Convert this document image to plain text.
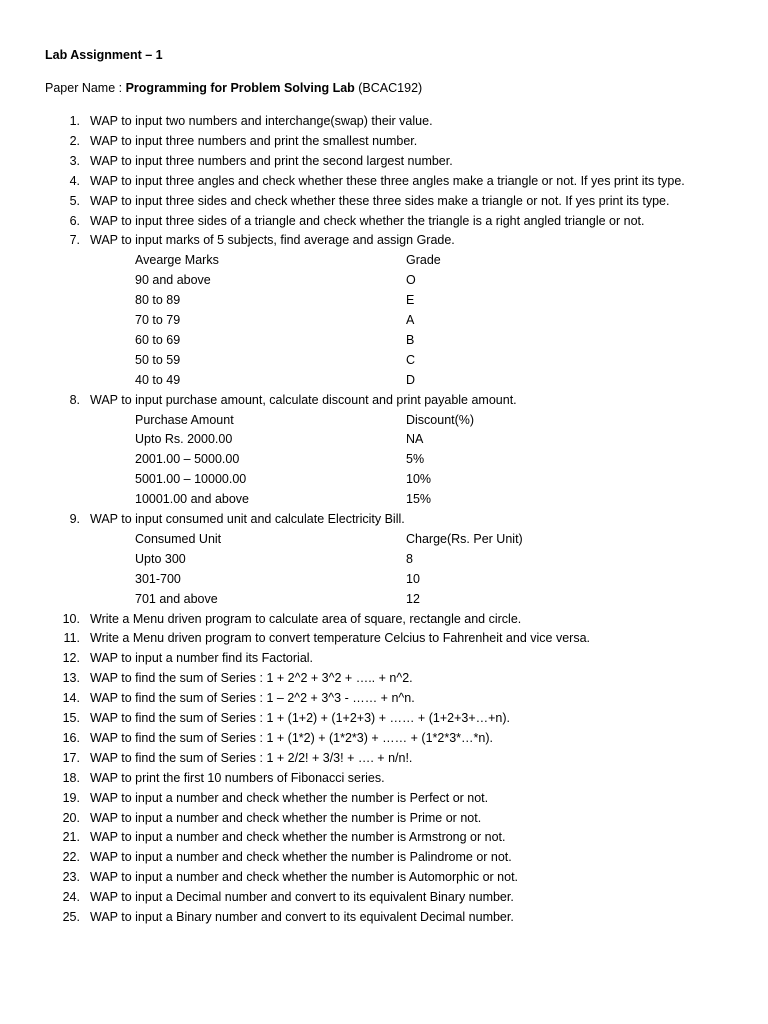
Lab Assignment – 1
Paper Name : Programming for Problem Solving Lab (BCAC192)
1. WAP to input two numbers and interchange(swap) their value.
2. WAP to input three numbers and print the smallest number.
3. WAP to input three numbers and print the second largest number.
4. WAP to input three angles and check whether these three angles make a triangle or not. If yes print its type.
5. WAP to input three sides and check whether these three sides make a triangle or not. If yes print its type.
6. WAP to input three sides of a triangle and check whether the triangle is a right angled triangle or not.
7. WAP to input marks of 5 subjects, find average and assign Grade.
Avearge Marks	Grade
90 and above	O
80 to 89	E
70 to 79	A
60 to 69	B
50 to 59	C
40 to 49	D
8. WAP to input purchase amount, calculate discount and print payable amount.
Purchase Amount	Discount(%)
Upto Rs. 2000.00	NA
2001.00 – 5000.00	5%
5001.00 – 10000.00	10%
10001.00 and above	15%
9. WAP to input consumed unit and calculate Electricity Bill.
Consumed Unit	Charge(Rs. Per Unit)
Upto 300	8
301-700	10
701 and above	12
10. Write a Menu driven program to calculate area of square, rectangle and circle.
11. Write a Menu driven program to convert temperature Celcius to Fahrenheit and vice versa.
12. WAP to input a number find its Factorial.
13. WAP to find the sum of Series : 1 + 2^2 + 3^2 + ….. + n^2.
14. WAP to find the sum of Series : 1 – 2^2 + 3^3 - …… + n^n.
15. WAP to find the sum of Series : 1 + (1+2) + (1+2+3) + …… + (1+2+3+…+n).
16. WAP to find the sum of Series : 1 + (1*2) + (1*2*3) + …… + (1*2*3*…*n).
17. WAP to find the sum of Series : 1 + 2/2! + 3/3! + …. + n/n!.
18. WAP to print the first 10 numbers of Fibonacci series.
19. WAP to input a number and check whether the number is Perfect or not.
20. WAP to input a number and check whether the number is Prime or not.
21. WAP to input a number and check whether the number is Armstrong or not.
22. WAP to input a number and check whether the number is Palindrome or not.
23. WAP to input a number and check whether the number is Automorphic or not.
24. WAP to input a Decimal number and convert to its equivalent Binary number.
25. WAP to input a Binary number and convert to its equivalent Decimal number.
